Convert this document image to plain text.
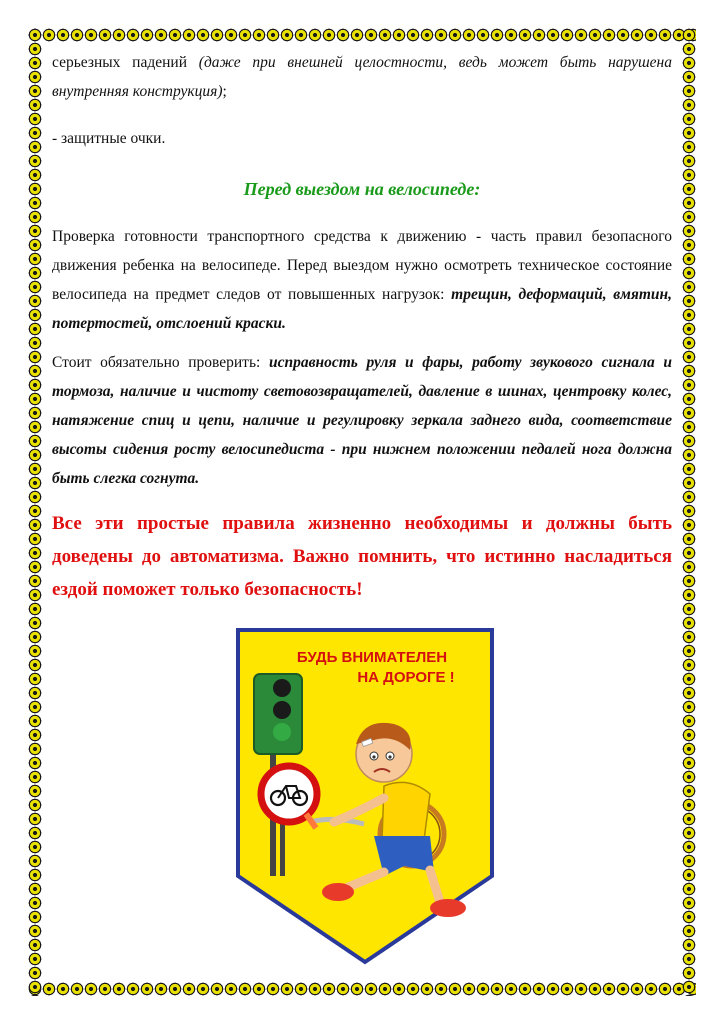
серьезных падений (даже при внешней целостности, ведь может быть нарушена внутренняя конструкция);

- защитные очки.

Перед выездом на велосипеде:

Проверка готовности транспортного средства к движению - часть правил безопасного движения ребенка на велосипеде. Перед выездом нужно осмотреть техническое состояние велосипеда на предмет следов от повышенных нагрузок: трещин, деформаций, вмятин, потертостей, отслоений краски.

Стоит обязательно проверить: исправность руля и фары, работу звукового сигнала и тормоза, наличие и чистоту световозвращателей, давление в шинах, центровку колес, натяжение спиц и цепи, наличие и регулировку зеркала заднего вида, соответствие высоты сидения росту велосипедиста - при нижнем положении педалей нога должна быть слегка согнута.

Все эти простые правила жизненно необходимы и должны быть доведены до автоматизма. Важно помнить, что истинно насладиться ездой поможет только безопасность!

БУДЬ ВНИМАТЕЛЕН
НА ДОРОГЕ !
